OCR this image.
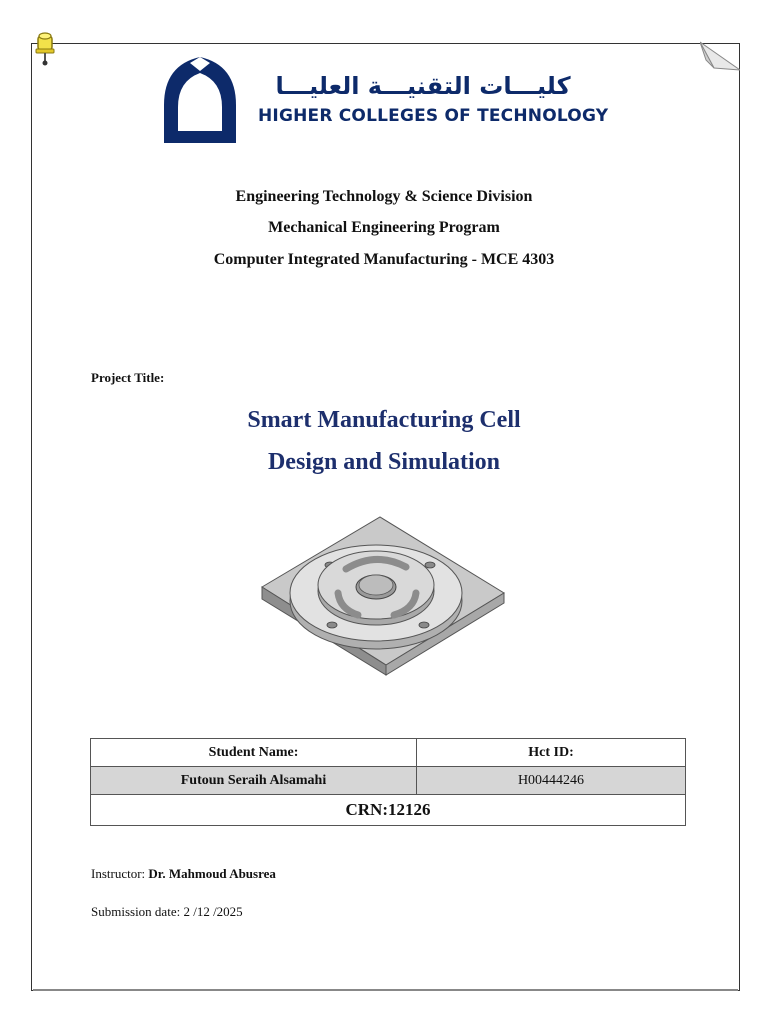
كليـــات التقنيـــة العليـــا
HIGHER COLLEGES OF TECHNOLOGY
Engineering Technology & Science Division
Mechanical Engineering Program
Computer Integrated Manufacturing - MCE 4303
Project Title:
Smart Manufacturing Cell
Design and Simulation
Student Name:	Hct ID:
Futoun Seraih Alsamahi	H00444246
CRN:12126	
Instructor: Dr. Mahmoud Abusrea
Submission date: 2 /12 /2025
